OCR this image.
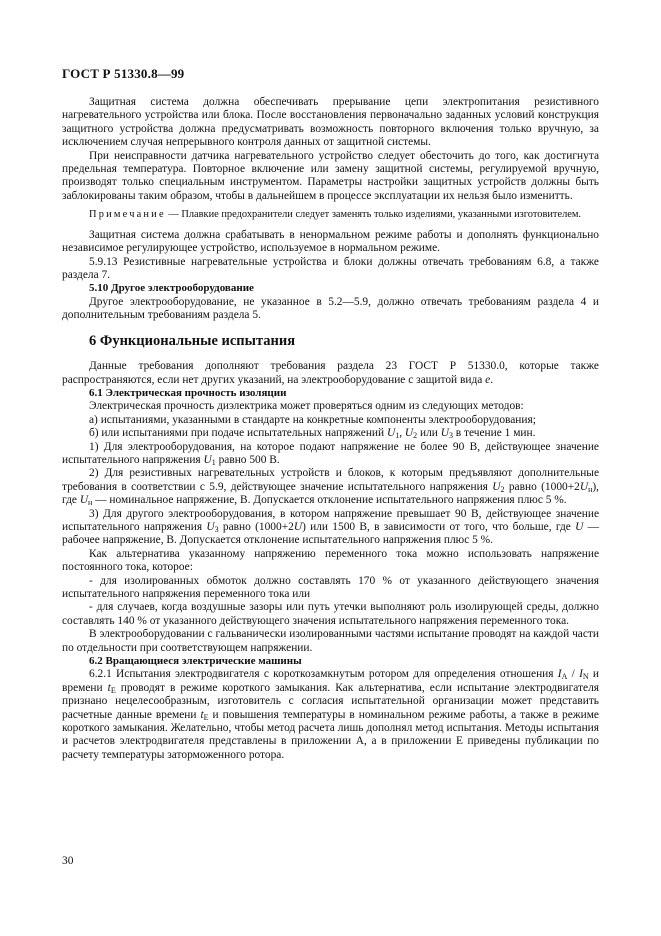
ГОСТ Р 51330.8—99

Защитная система должна обеспечивать прерывание цепи электропитания резистивного нагревательного устройства или блока. После восстановления первоначально заданных условий конструкция защитного устройства должна предусматривать возможность повторного включения только вручную, за исключением случая непрерывного контроля данных от защитной системы.

При неисправности датчика нагревательного устройство следует обесточить до того, как достигнута предельная температура. Повторное включение или замену защитной системы, регулируемой вручную, производят только специальным инструментом. Параметры настройки защитных устройств должны быть заблокированы таким образом, чтобы в дальнейшем в процессе эксплуатации их нельзя было изменитть.

Примечание — Плавкие предохранители следует заменять только изделиями, указанными изготовителем.

Защитная система должна срабатывать в ненормальном режиме работы и дополнять функционально независимое регулирующее устройство, используемое в нормальном режиме.

5.9.13 Резистивные нагревательные устройства и блоки должны отвечать требованиям 6.8, а также раздела 7.

5.10 Другое электрооборудование

Другое электрооборудование, не указанное в 5.2—5.9, должно отвечать требованиям раздела 4 и дополнительным требованиям раздела 5.

6 Функциональные испытания

Данные требования дополняют требования раздела 23 ГОСТ Р 51330.0, которые также распространяются, если нет других указаний, на электрооборудование с защитой вида e.

6.1 Электрическая прочность изоляции

Электрическая прочность диэлектрика может проверяться одним из следующих методов:

а) испытаниями, указанными в стандарте на конкретные компоненты электрооборудования;

б) или испытаниями при подаче испытательных напряжений $U_1$, $U_2$ или $U_3$ в течение 1 мин.

1) Для электрооборудования, на которое подают напряжение не более 90 В, действующее значение испытательного напряжения $U_1$ равно 500 В.

2) Для резистивных нагревательных устройств и блоков, к которым предъявляют дополнительные требования в соответствии с 5.9, действующее значение испытательного напряжения $U_2$ равно $(1000+2U_н)$, где $U_н$ — номинальное напряжение, В. Допускается отклонение испытательного напряжения плюс 5 %.

3) Для другого электрооборудования, в котором напряжение превышает 90 В, действующее значение испытательного напряжения $U_3$ равно (1000+2U) или 1500 В, в зависимости от того, что больше, где U — рабочее напряжение, В. Допускается отклонение испытательного напряжения плюс 5 %.

Как альтернатива указанному напряжению переменного тока можно использовать напряжение постоянного тока, которое:

- для изолированных обмоток должно составлять 170 % от указанного действующего значения испытательного напряжения переменного тока или

- для случаев, когда воздушные зазоры или путь утечки выполняют роль изолирующей среды, должно составлять 140 % от указанного действующего значения испытательного напряжения переменного тока.

В электрооборудовании с гальванически изолированными частями испытание проводят на каждой части по отдельности при соответствующем напряжении.

6.2 Вращающиеся электрические машины

6.2.1 Испытания электродвигателя с короткозамкнутым ротором для определения отношения $I_A / I_N$ и времени $t_E$ проводят в режиме короткого замыкания. Как альтернатива, если испытание электродвигателя признано нецелесообразным, изготовитель с согласия испытательной организации может представить расчетные данные времени $t_E$ и повышения температуры в номинальном режиме работы, а также в режиме короткого замыкания. Желательно, чтобы метод расчета лишь дополнял метод испытания. Методы испытания и расчетов электродвигателя представлены в приложении А, а в приложении Е приведены публикации по расчету температуры заторможенного ротора.

30
